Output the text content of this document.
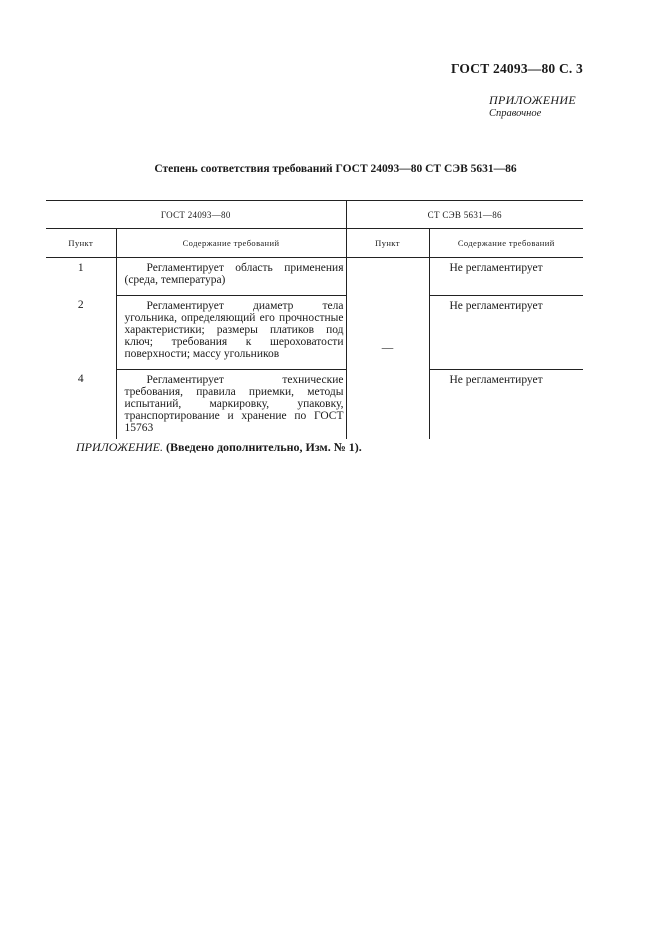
ГОСТ 24093—80 С. 3
ПРИЛОЖЕНИЕ
Справочное
Степень соответствия требований ГОСТ 24093—80 СТ СЭВ 5631—86
ГОСТ 24093—80		СТ СЭВ 5631—86	
Пункт	Содержание требований	Пункт	Содержание требований
1	Регламентирует область применения (среда, температура)	—	Не регламентирует
2	Регламентирует диаметр тела угольника, определяющий его прочностные характеристики; размеры платиков под ключ; требования к шероховатости поверхности; массу угольников		Не регламентирует
4	Регламентирует технические требования, правила приемки, методы испытаний, маркировку, упаковку, транспортирование и хранение по ГОСТ 15763		Не регламентирует
ПРИЛОЖЕНИЕ. (Введено дополнительно, Изм. № 1).
